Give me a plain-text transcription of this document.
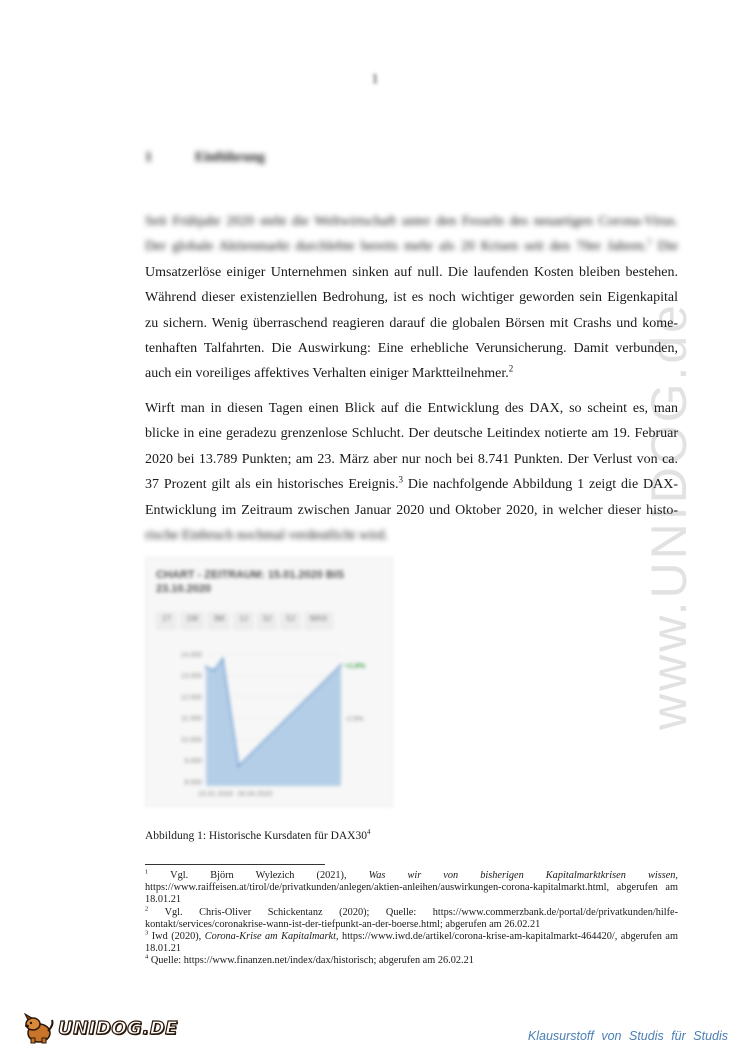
1
1	Einführung
www.UNIDOG.de
Seit Frühjahr 2020 steht die Weltwirtschaft unter den Fesseln des neuartigen Corona-Virus.
Der globale Aktienmarkt durchlebte bereits mehr als 20 Krisen seit den 70er Jahren.$^1$ Die
Umsatzerlöse einiger Unternehmen sinken auf null. Die laufenden Kosten bleiben bestehen.
Während dieser existenziellen Bedrohung, ist es noch wichtiger geworden sein Eigenkapital
zu sichern. Wenig überraschend reagieren darauf die globalen Börsen mit Crashs und kome-
tenhaften Talfahrten. Die Auswirkung: Eine erhebliche Verunsicherung. Damit verbunden,
auch ein voreiliges affektives Verhalten einiger Marktteilnehmer.$^2$
Wirft man in diesen Tagen einen Blick auf die Entwicklung des DAX, so scheint es, man
blicke in eine geradezu grenzenlose Schlucht. Der deutsche Leitindex notierte am 19. Februar
2020 bei 13.789 Punkten; am 23. März aber nur noch bei 8.741 Punkten. Der Verlust von ca.
37 Prozent gilt als ein historisches Ereignis.$^3$ Die nachfolgende Abbildung 1 zeigt die DAX-
Entwicklung im Zeitraum zwischen Januar 2020 und Oktober 2020, in welcher dieser histo-
rische Einbruch nochmal verdeutlicht wird.
CHART - ZEITRAUM: 15.01.2020 BIS 23.10.2020
1T	1W	3M	1J	3J	5J	MAX
14.000
13.000
12.000
11.000
10.000
9.000
8.000
15.01.2020 26.04.2020
+1.8%
-2.9%
Abbildung 1: Historische Kursdaten für $DAX30^4$

$^1$ Vgl. Björn Wylezich (2021), Was wir von bisherigen Kapitalmarktkrisen wissen, https://www.raiffeisen.at/tirol/de/privatkunden/anlegen/aktien-anleihen/auswirkungen-corona-kapitalmarkt.html, abgerufen am 18.01.21

$^2$ Vgl. Chris-Oliver Schickentanz (2020); Quelle: https://www.commerzbank.de/portal/de/privatkunden/hilfe-kontakt/services/coronakrise-wann-ist-der-tiefpunkt-an-der-boerse.html; abgerufen am 26.02.21

$^3$ Iwd (2020), Corona-Krise am Kapitalmarkt, https://www.iwd.de/artikel/corona-krise-am-kapitalmarkt-464420/, abgerufen am 18.01.21

$^4$ Quelle: https://www.finanzen.net/index/dax/historisch; abgerufen am 26.02.21

UNIDOG.DE	Klausurstoff von Studis für Studis
